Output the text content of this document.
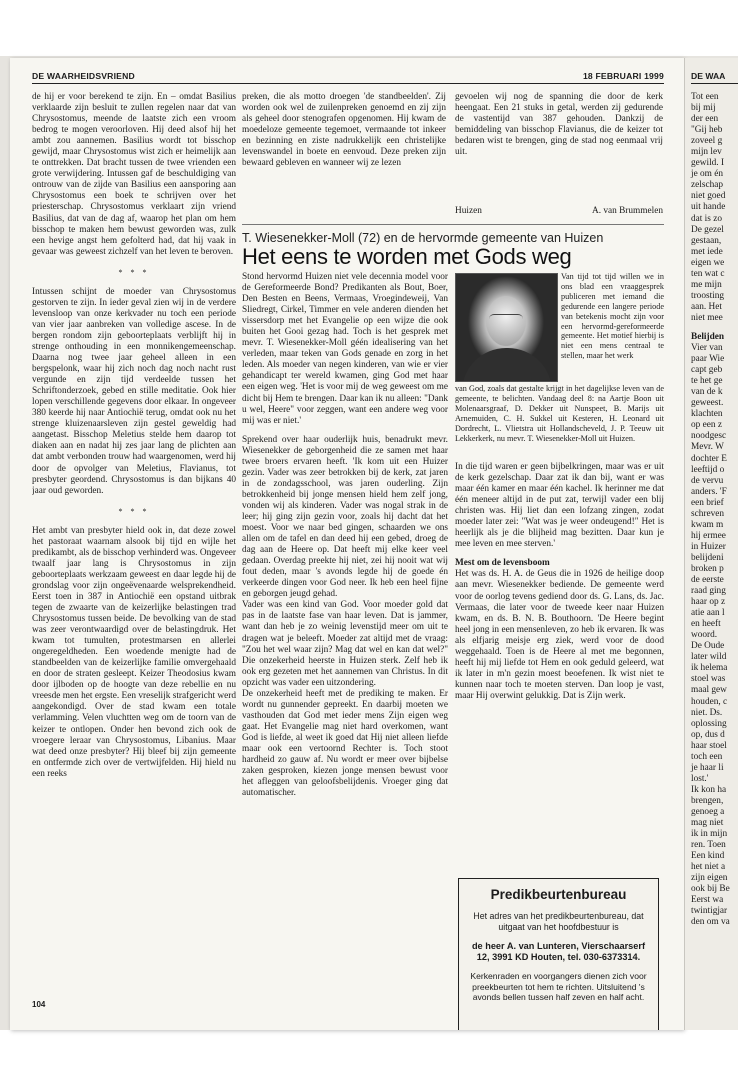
DE WAARHEIDSVRIEND	18 FEBRUARI 1999

de hij er voor berekend te zijn. En – omdat Basilius verklaarde zijn besluit te zullen regelen naar dat van Chrysostomus, meende de laatste zich een vroom bedrog te mogen veroorloven. Hij deed alsof hij het ambt zou aannemen. Basilius wordt tot bisschop gewijd, maar Chrysostomus wist zich er heimelijk aan te onttrekken. Dat bracht tussen de twee vrienden een grote verwijdering. Intussen gaf de beschuldiging van ontrouw van de zijde van Basilius een aansporing aan Chrysostomus een boek te schrijven over het priesterschap. Chrysostomus verklaart zijn vriend Basilius, dat van de dag af, waarop het plan om hem bisschop te maken hem bewust geworden was, zulk een hevige angst hem gefolterd had, dat hij vaak in gevaar was geweest zichzelf van het leven te beroven.

* * *

Intussen schijnt de moeder van Chrysostomus gestorven te zijn. In ieder geval zien wij in de verdere levensloop van onze kerkvader nu toch een periode van vier jaar aanbreken van volledige ascese. In de bergen rondom zijn geboorteplaats verblijft hij in strenge onthouding in een monnikengemeenschap. Daarna nog twee jaar geheel alleen in een bergspelonk, waar hij zich noch dag noch nacht rust vergunde en zijn tijd verdeelde tussen het Schriftonderzoek, gebed en stille meditatie. Ook hier lopen verschillende gegevens door elkaar. In ongeveer 380 keerde hij naar Antiochië terug, omdat ook nu het strenge kluizenaarsleven zijn gestel geweldig had aangetast. Bisschop Meletius stelde hem daarop tot diaken aan en nadat hij zes jaar lang de plichten aan dat ambt verbonden trouw had waargenomen, werd hij door de opvolger van Meletius, Flavianus, tot presbyter geordend. Chrysostomus is dan bijkans 40 jaar oud geworden.

* * *

Het ambt van presbyter hield ook in, dat deze zowel het pastoraat waarnam alsook bij tijd en wijle het predikambt, als de bisschop verhinderd was. Ongeveer twaalf jaar lang is Chrysostomus in zijn geboorteplaats werkzaam geweest en daar legde hij de grondslag voor zijn ongeëvenaarde welsprekendheid. Eerst toen in 387 in Antiochië een opstand uitbrak tegen de zwaarte van de keizerlijke belastingen trad Chrysostomus tussen beide. De bevolking van de stad was zeer verontwaardigd over de belastingdruk. Het kwam tot tumulten, protestmarsen en allerlei ongeregeldheden. Een woedende menigte had de standbeelden van de keizerlijke familie omvergehaald en door de straten gesleept. Keizer Theodosius kwam door ijlboden op de hoogte van deze rebellie en nu vreesde men het ergste. Een vreselijk strafgericht werd aangekondigd. Over de stad kwam een totale verlamming. Velen vluchtten weg om de toorn van de keizer te ontlopen. Onder hen bevond zich ook de vroegere leraar van Chrysostomus, Libanius. Maar wat deed onze presbyter? Hij bleef bij zijn gemeente en ontfermde zich over de vertwijfelden. Hij hield nu een reeks

preken, die als motto droegen 'de standbeelden'. Zij worden ook wel de zuilenpreken genoemd en zij zijn als geheel door stenografen opgenomen. Hij kwam de moedeloze gemeente tegemoet, vermaande tot inkeer en bezinning en ziste nadrukkelijk een christelijke levenswandel in boete en eenvoud. Deze preken zijn bewaard gebleven en wanneer wij ze lezen

gevoelen wij nog de spanning die door de kerk heengaat. Een 21 stuks in getal, werden zij gedurende de vastentijd van 387 gehouden. Dankzij de bemiddeling van bisschop Flavianus, die de keizer tot bedaren wist te brengen, ging de stad nog eenmaal vrij uit.

Huizen	A. van Brummelen
T. Wiesenekker-Moll (72) en de hervormde gemeente van Huizen
Het eens te worden met Gods weg

Stond hervormd Huizen niet vele decennia model voor de Gereformeerde Bond? Predikanten als Bout, Boer, Den Besten en Beens, Vermaas, Vroegindeweij, Van Sliedregt, Cirkel, Timmer en vele anderen dienden het vissersdorp met het Evangelie op een wijze die ook buiten het Gooi gezag had. Toch is het gesprek met mevr. T. Wiesenekker-Moll géén idealisering van het verleden, maar teken van Gods genade en zorg in het leden. Als moeder van negen kinderen, van wie er vier gehandicapt ter wereld kwamen, ging God met haar een eigen weg. 'Het is voor mij de weg geweest om me dicht bij Hem te brengen. Daar kan ik nu alleen: "Dank u wel, Heere" voor zeggen, want een andere weg voor mij was er niet.'

Sprekend over haar ouderlijk huis, benadrukt mevr. Wiesenekker de geborgenheid die ze samen met haar twee broers ervaren heeft. 'Ik kom uit een Huizer gezin. Vader was zeer betrokken bij de kerk, zat jaren in de zondagsschool, was jaren ouderling. Zijn betrokkenheid bij jonge mensen hield hem zelf jong, vonden wij als kinderen. Vader was nogal strak in de leer; hij ging zijn gezin voor, zoals hij dacht dat het moest. Voor we naar bed gingen, schaarden we ons allen om de tafel en dan deed hij een gebed, droeg de dag aan de Heere op. Dat heeft mij elke keer veel gedaan. Overdag preekte hij niet, zei hij nooit wat wij fout deden, maar 's avonds legde hij de goede én verkeerde dingen voor God neer. Ik heb een heel fijne en geborgen jeugd gehad.

Vader was een kind van God. Voor moeder gold dat pas in de laatste fase van haar leven. Dat is jammer, want dan heb je zo weinig levenstijd meer om uit te dragen wat je beleeft. Moeder zat altijd met de vraag: "Zou het wel waar zijn? Mag dat wel en kan dat wel?" Die onzekerheid heerste in Huizen sterk. Zelf heb ik ook erg gezeten met het aannemen van Christus. In dit opzicht was vader een uitzondering.

De onzekerheid heeft met de prediking te maken. Er wordt nu gunnender gepreekt. En daarbij moeten we vasthouden dat God met ieder mens Zijn eigen weg gaat. Het Evangelie mag niet hard overkomen, want God is liefde, al weet ik goed dat Hij niet alleen liefde maar ook een vertoornd Rechter is. Toch stoot hardheid zo gauw af. Nu wordt er meer over bijbelse zaken gesproken, kiezen jonge mensen bewust voor het afleggen van geloofsbelijdenis. Vroeger ging dat automatischer.

Van tijd tot tijd willen we in ons blad een vraaggesprek publiceren met iemand die gedurende een langere periode van betekenis mocht zijn voor een hervormd-gereformeerde gemeente. Het motief hierbij is niet een mens centraal te stellen, maar het werk

van God, zoals dat gestalte krijgt in het dagelijkse leven van de gemeente, te belichten. Vandaag deel 8: na Aartje Boon uit Molenaarsgraaf, D. Dekker uit Nunspeet, B. Marijs uit Arnemuiden, C. H. Sukkel uit Kesteren, H. Leonard uit Dordrecht, L. Vlietstra uit Hollandscheveld, J. P. Teeuw uit Lekkerkerk, nu mevr. T. Wiesenekker-Moll uit Huizen.

In die tijd waren er geen bijbelkringen, maar was er uit de kerk gezelschap. Daar zat ik dan bij, want er was maar één kamer en maar één kachel. Ik herinner me dat één meneer altijd in de put zat, terwijl vader een blij christen was. Hij liet dan een lofzang zingen, zodat moeder later zei: "Wat was je weer ondeugend!" Het is heerlijk als je die blijheid mag bezitten. Daar kun je mee leven en mee sterven.'

Mest om de levensboom

Het was ds. H. A. de Geus die in 1926 de heilige doop aan mevr. Wiesenekker bediende. De gemeente werd voor de oorlog tevens gediend door ds. G. Lans, ds. Jac. Vermaas, die later voor de tweede keer naar Huizen kwam, en ds. B. N. B. Bouthoorn. 'De Heere begint heel jong in een mensenleven, zo heb ik ervaren. Ik was als elfjarig meisje erg ziek, werd voor de dood weggehaald. Toen is de Heere al met me begonnen, heeft hij mij liefde tot Hem en ook geduld geleerd, wat ik later in m'n gezin moest beoefenen. Ik wist niet te kunnen naar toch te moeten sterven. Dan loop je vast, maar Hij overwint gelukkig. Dat is Zijn werk.

Predikbeurtenbureau
Het adres van het predikbeurtenbureau, dat uitgaat van het hoofdbestuur is
de heer A. van Lunteren, Vierschaarserf 12, 3991 KD Houten, tel. 030-6373314.
Kerkenraden en voorgangers dienen zich voor preekbeurten tot hem te richten. Uitsluitend 's avonds bellen tussen half zeven en half acht.
104
DE WAA
Tot een
bij mij
der een
"Gij heb
zoveel g
mijn lev
gewild. I
je om én
zelschap
niet goed
uit hande
dat is zo
De gezel
gestaan,
met iede
eigen we
ten wat c
me mijn
troosting
aan. Het
niet mee
Belijden
Vier van
paar Wie
capt geb
te het ge
van de k
geweest.
klachten
op een z
noodgesc
Mevr. W
dochter E
leeftijd o
de vervu
anders. 'F
een brief
schreven
kwam m
hij ermee
in Huizer
belijdeni
broken p
de eerste
raad ging
haar op z
atie aan l
en heeft
woord.
De Oude
later wild
ik helema
stoel was
maal gew
houden, c
niet. Ds.
oplossing
op, dus d
haar stoel
toch een
je haar li
lost.'
Ik kon ha
brengen,
genoeg a
mag niet
ik in mijn
ren. Toen
Een kind
het niet a
zijn eigen
ook bij Be
Eerst wa
twintigjar
den om va
